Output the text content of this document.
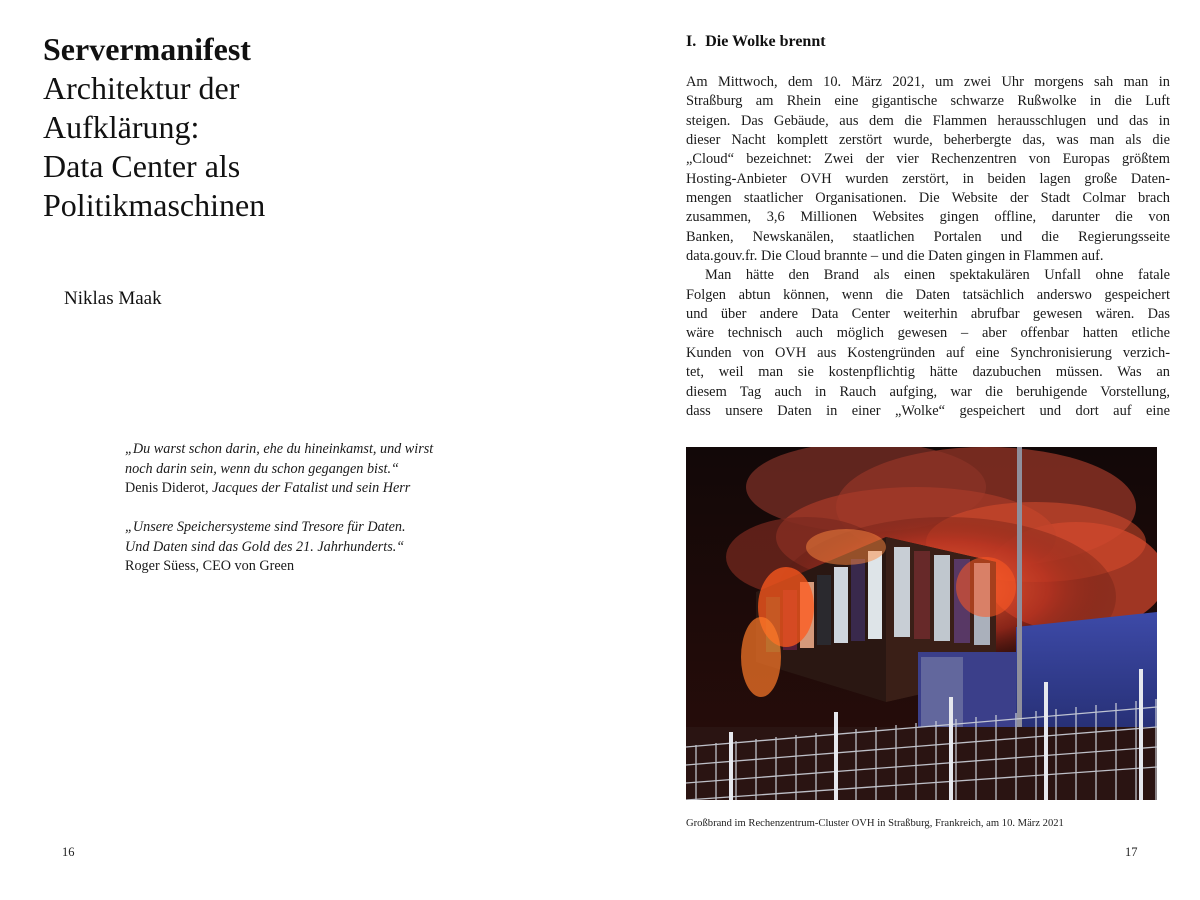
Servermanifest
Architektur der
Aufklärung:
Data Center als
Politikmaschinen
Niklas Maak
„Du warst schon darin, ehe du hineinkamst, und wirst
noch darin sein, wenn du schon gegangen bist.“
Denis Diderot, Jacques der Fatalist und sein Herr
„Unsere Speichersysteme sind Tresore für Daten.
Und Daten sind das Gold des 21. Jahrhunderts.“
Roger Süess, CEO von Green
16
I. Die Wolke brennt
Am Mittwoch, dem 10. März 2021, um zwei Uhr morgens sah man in
Straßburg am Rhein eine gigantische schwarze Rußwolke in die Luft
steigen. Das Gebäude, aus dem die Flammen herausschlugen und das in
dieser Nacht komplett zerstört wurde, beherbergte das, was man als die
„Cloud“ bezeichnet: Zwei der vier Rechenzentren von Europas größtem
Hosting-Anbieter OVH wurden zerstört, in beiden lagen große Daten-
mengen staatlicher Organisationen. Die Website der Stadt Colmar brach
zusammen, 3,6 Millionen Websites gingen offline, darunter die von
Banken, Newskanälen, staatlichen Portalen und die Regierungsseite
data.gouv.fr. Die Cloud brannte – und die Daten gingen in Flammen auf.
Man hätte den Brand als einen spektakulären Unfall ohne fatale
Folgen abtun können, wenn die Daten tatsächlich anderswo gespeichert
und über andere Data Center weiterhin abrufbar gewesen wären. Das
wäre technisch auch möglich gewesen – aber offenbar hatten etliche
Kunden von OVH aus Kostengründen auf eine Synchronisierung verzich-
tet, weil man sie kostenpflichtig hätte dazubuchen müssen. Was an
diesem Tag auch in Rauch aufging, war die beruhigende Vorstellung,
dass unsere Daten in einer „Wolke“ gespeichert und dort auf eine
Großbrand im Rechenzentrum-Cluster OVH in Straßburg, Frankreich, am 10. März 2021
17
